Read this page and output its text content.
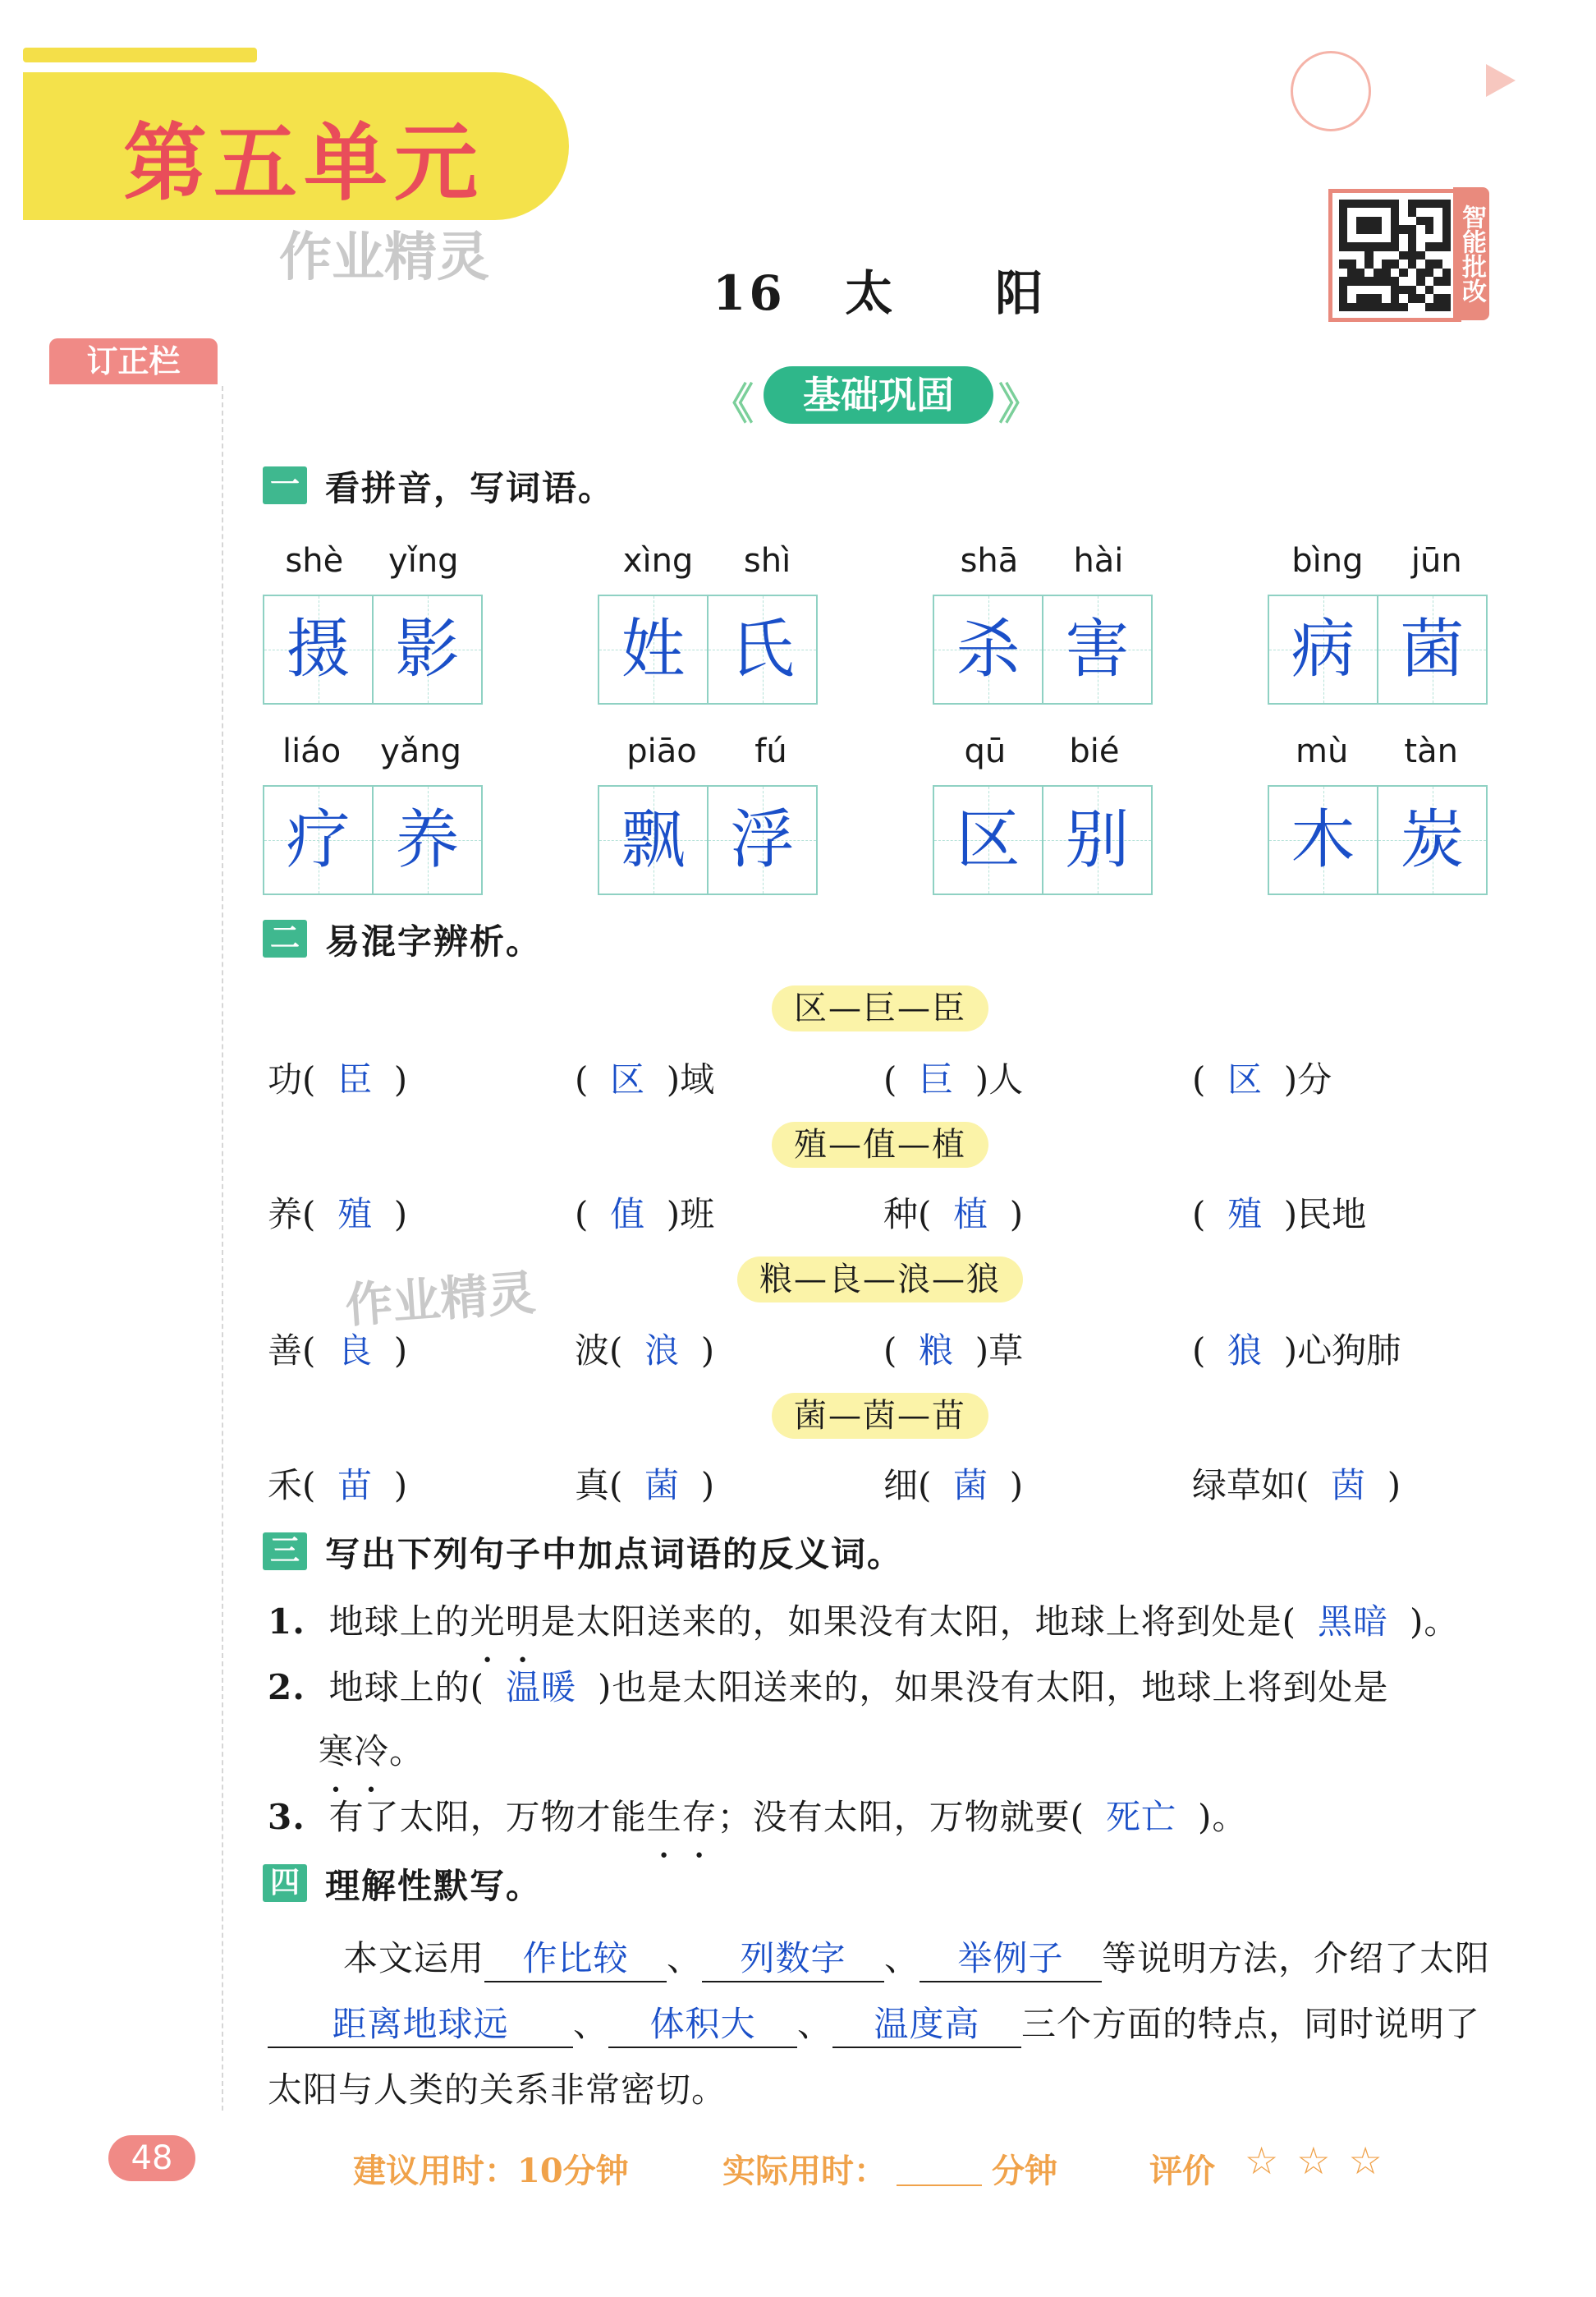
第五单元
作业精灵
16   太     阳	智能批改
订正栏
《	基础巩固	》
一 看拼音，写词语。
shè yǐng
摄 影
xìng shì
姓 氏
shā hài
杀 害
bìng jūn
病 菌
liáo yǎng
疗 养
piāo fú
飘 浮
qū bié
区 别
mù tàn
木 炭
二 易混字辨析。
区—巨—臣
功(  臣  )	(  区  )域	(  巨  )人	(  区  )分
殖—值—植
养(  殖  )	(  值  )班	种(  植  )	(  殖  )民地
粮—良—浪—狼
善(  良  )	波(  浪  )	(  粮  )草	(  狼  )心狗肺
菌—茵—苗
禾(  苗  )	真(  菌  )	细(  菌  )	绿草如(  茵  )
作业精灵
三 写出下列句子中加点词语的反义词。
1. 地球上的光明是太阳送来的，如果没有太阳，地球上将到处是( 黑暗 )。
2. 地球上的( 温暖 )也是太阳送来的，如果没有太阳，地球上将到处是
寒冷。
3. 有了太阳，万物才能生存；没有太阳，万物就要( 死亡 )。
四 理解性默写。
本文运用 作比较 、 列数字 、 举例子 等说明方法，介绍了太阳
距离地球远 、 体积大 、 温度高 三个方面的特点，同时说明了
太阳与人类的关系非常密切。
48	建议用时：10分钟	实际用时：	分钟	评价 ☆ ☆ ☆
